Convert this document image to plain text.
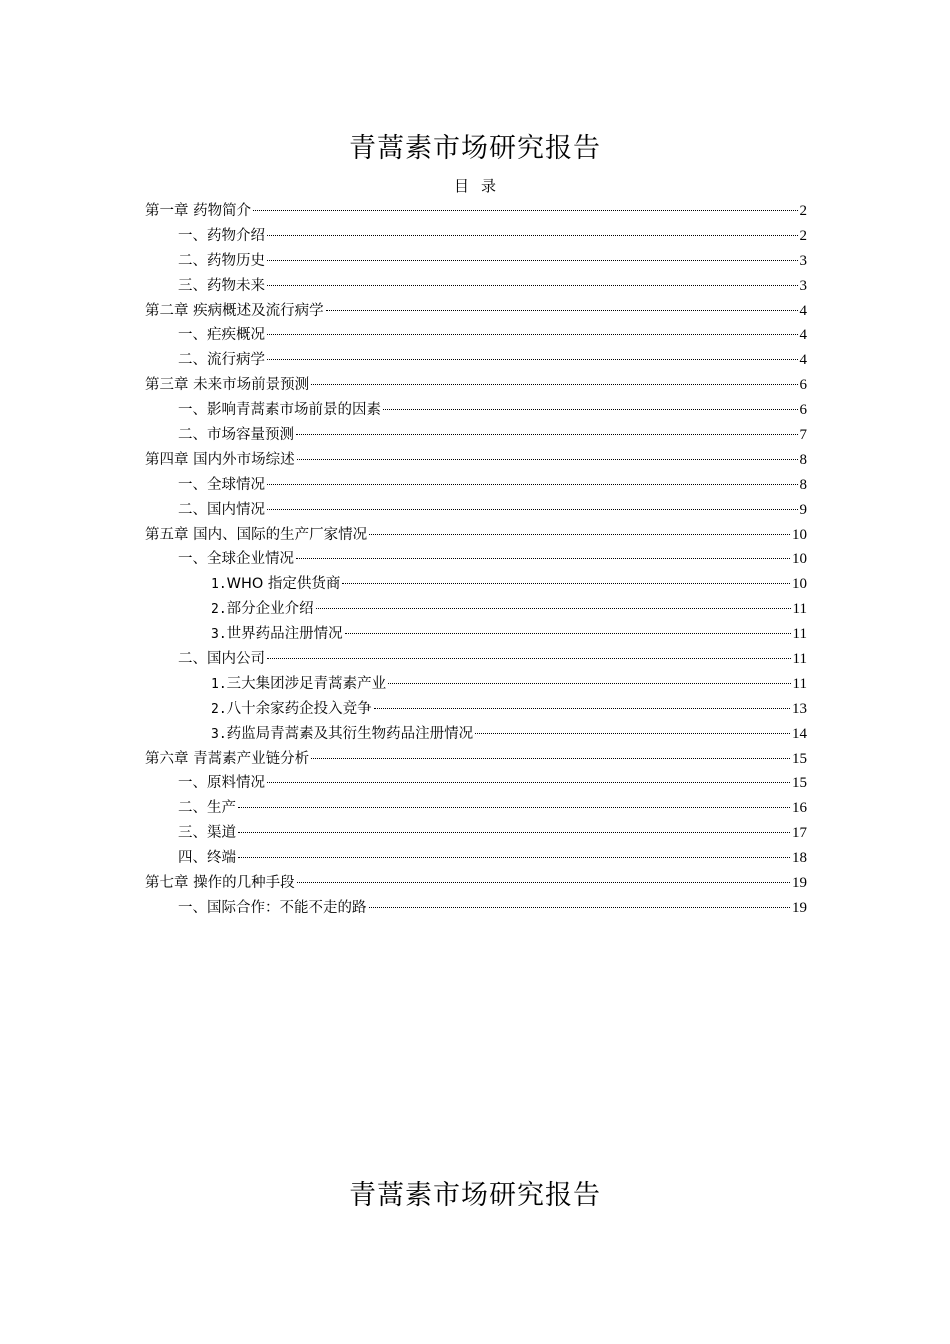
青蒿素市场研究报告
目录
第一章 药物简介	2
一、药物介绍	2
二、药物历史	3
三、药物未来	3
第二章 疾病概述及流行病学	4
一、疟疾概况	4
二、流行病学	4
第三章 未来市场前景预测	6
一、影响青蒿素市场前景的因素	6
二、市场容量预测	7
第四章 国内外市场综述	8
一、全球情况	8
二、国内情况	9
第五章 国内、国际的生产厂家情况	10
一、全球企业情况	10
1.WHO 指定供货商	10
2.部分企业介绍	11
3.世界药品注册情况	11
二、国内公司	11
1.三大集团涉足青蒿素产业	11
2.八十余家药企投入竞争	13
3.药监局青蒿素及其衍生物药品注册情况	14
第六章 青蒿素产业链分析	15
一、原料情况	15
二、生产	16
三、渠道	17
四、终端	18
第七章 操作的几种手段	19
一、国际合作：不能不走的路	19
青蒿素市场研究报告
